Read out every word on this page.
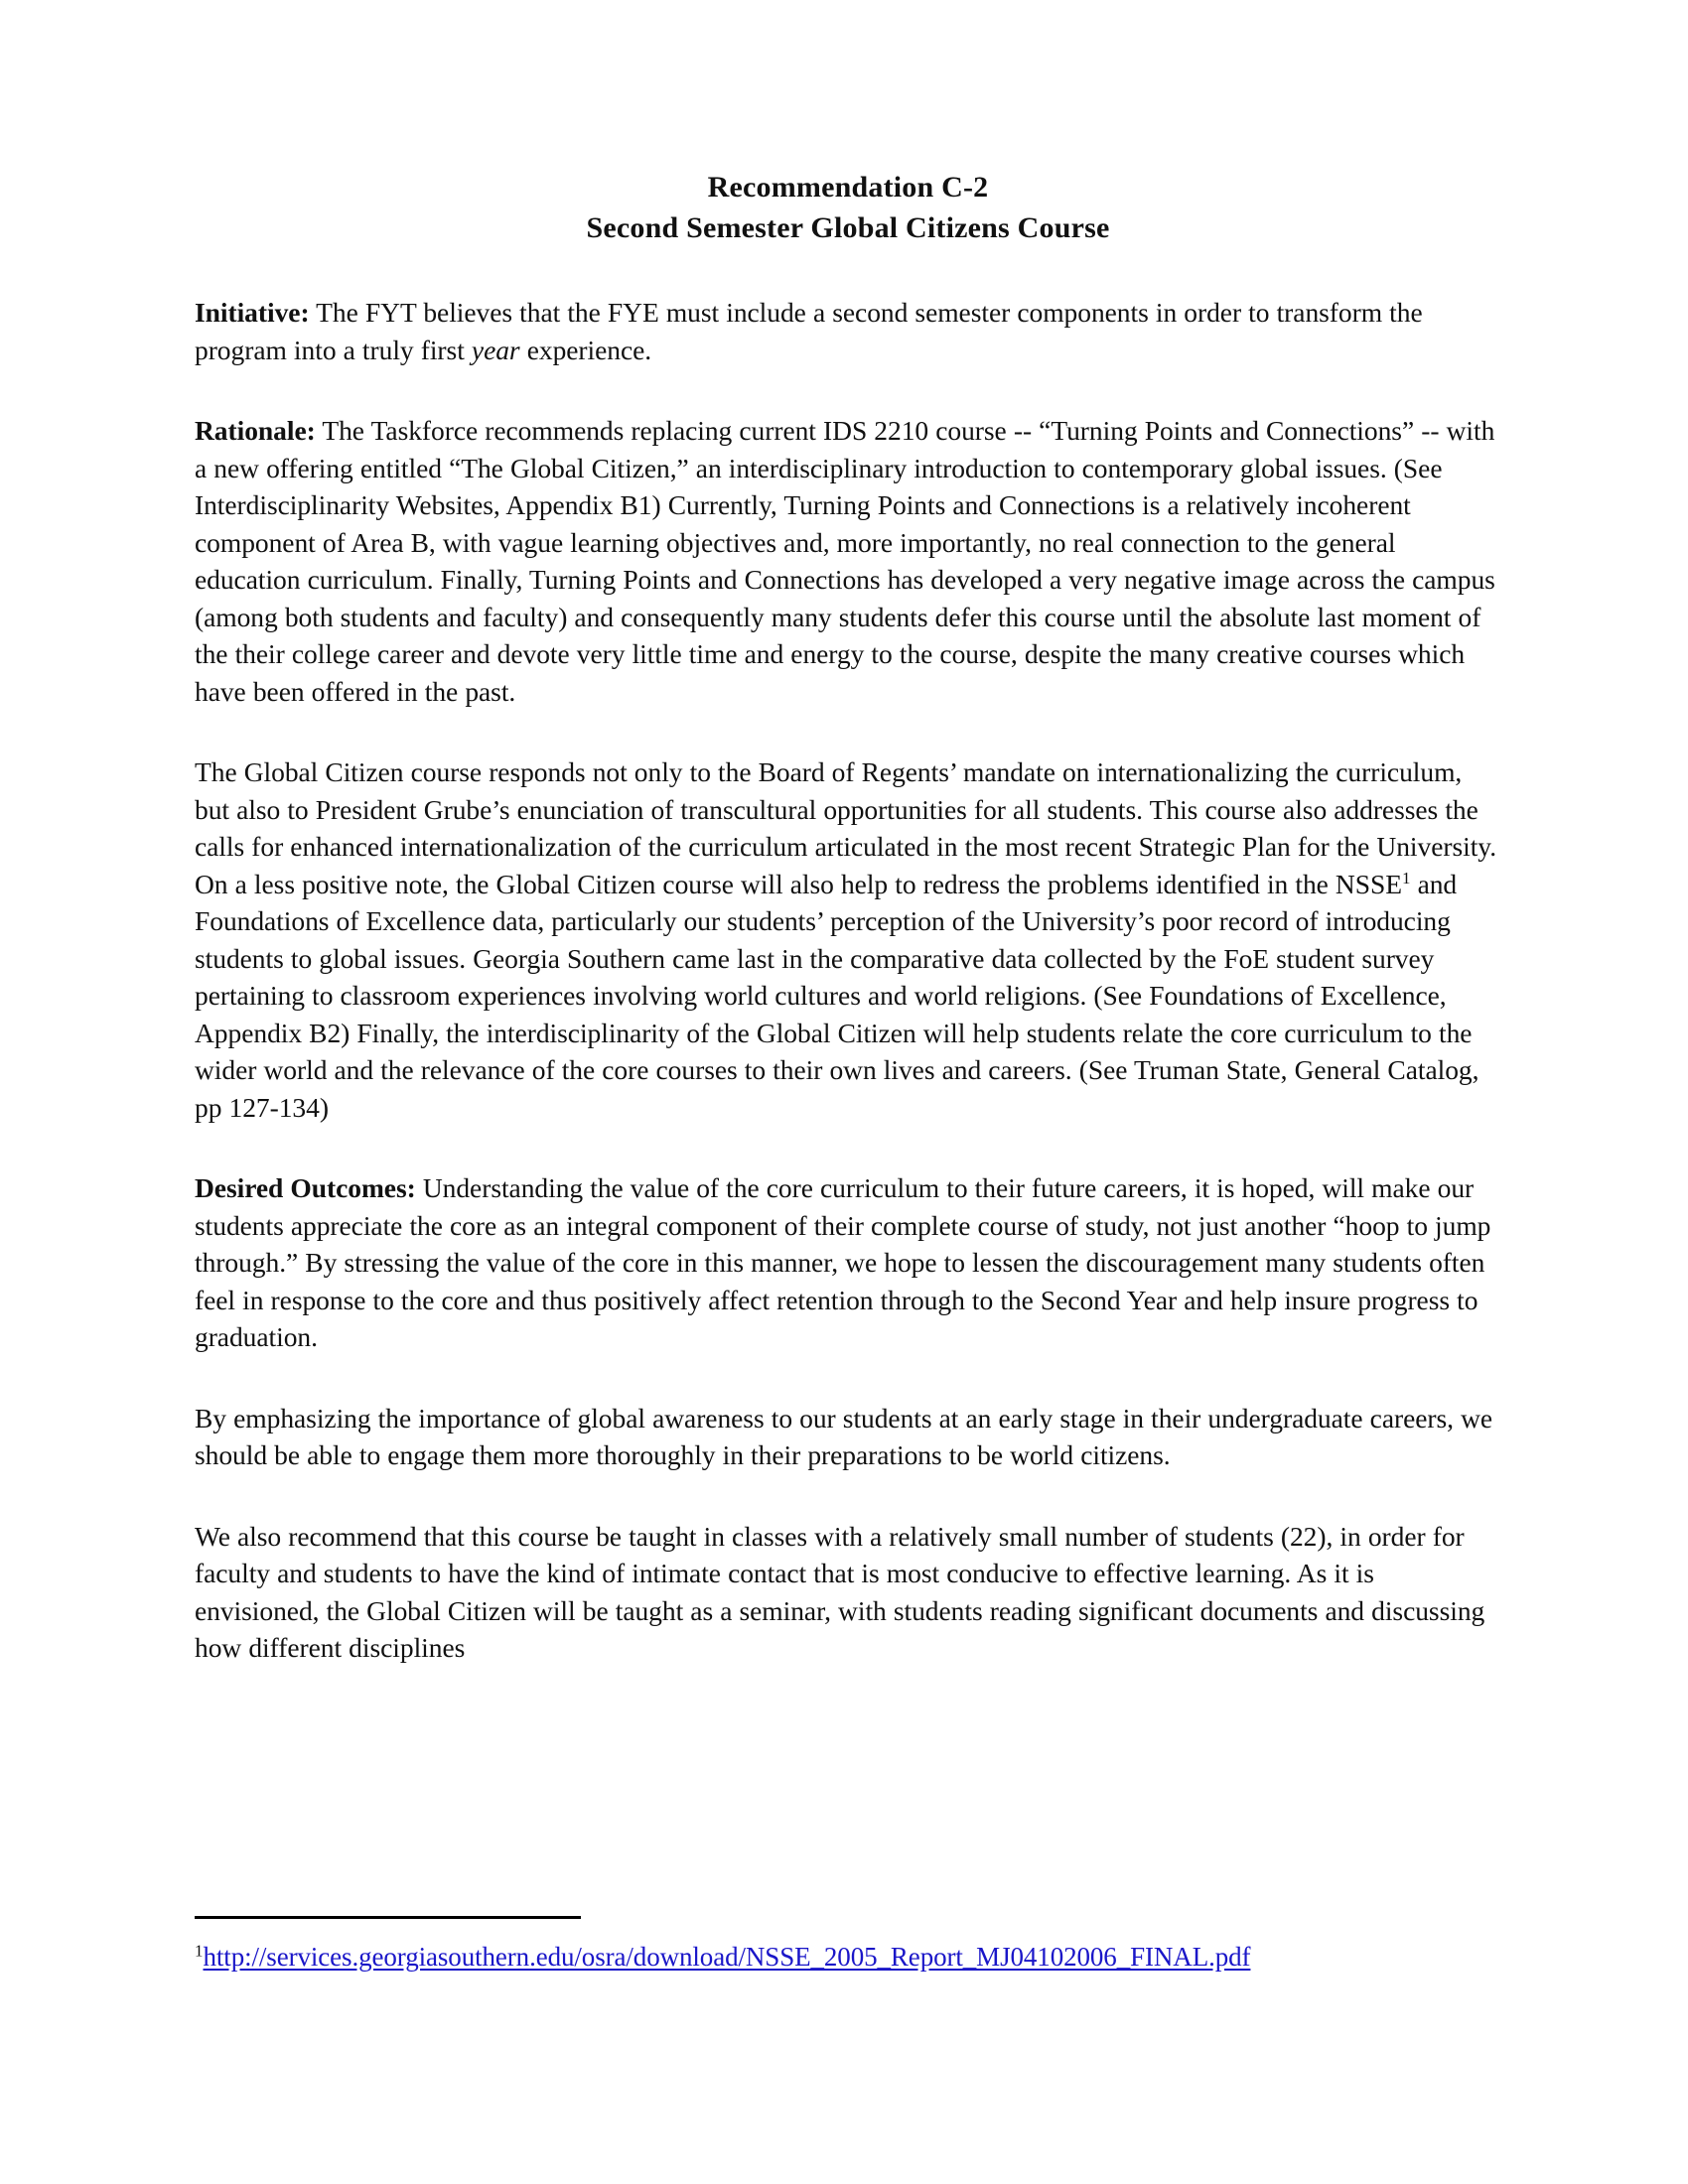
Recommendation C-2
Second Semester Global Citizens Course

Initiative: The FYT believes that the FYE must include a second semester components in order to transform the program into a truly first year experience.

Rationale: The Taskforce recommends replacing current IDS 2210 course -- “Turning Points and Connections” -- with a new offering entitled “The Global Citizen,” an interdisciplinary introduction to contemporary global issues. (See Interdisciplinarity Websites, Appendix B1) Currently, Turning Points and Connections is a relatively incoherent component of Area B, with vague learning objectives and, more importantly, no real connection to the general education curriculum. Finally, Turning Points and Connections has developed a very negative image across the campus (among both students and faculty) and consequently many students defer this course until the absolute last moment of the their college career and devote very little time and energy to the course, despite the many creative courses which have been offered in the past.

The Global Citizen course responds not only to the Board of Regents’ mandate on internationalizing the curriculum, but also to President Grube’s enunciation of transcultural opportunities for all students. This course also addresses the calls for enhanced internationalization of the curriculum articulated in the most recent Strategic Plan for the University. On a less positive note, the Global Citizen course will also help to redress the problems identified in the NSSE$^1$ and Foundations of Excellence data, particularly our students’ perception of the University’s poor record of introducing students to global issues. Georgia Southern came last in the comparative data collected by the FoE student survey pertaining to classroom experiences involving world cultures and world religions. (See Foundations of Excellence, Appendix B2) Finally, the interdisciplinarity of the Global Citizen will help students relate the core curriculum to the wider world and the relevance of the core courses to their own lives and careers. (See Truman State, General Catalog, pp 127-134)

Desired Outcomes: Understanding the value of the core curriculum to their future careers, it is hoped, will make our students appreciate the core as an integral component of their complete course of study, not just another “hoop to jump through.” By stressing the value of the core in this manner, we hope to lessen the discouragement many students often feel in response to the core and thus positively affect retention through to the Second Year and help insure progress to graduation.

By emphasizing the importance of global awareness to our students at an early stage in their undergraduate careers, we should be able to engage them more thoroughly in their preparations to be world citizens.

We also recommend that this course be taught in classes with a relatively small number of students (22), in order for faculty and students to have the kind of intimate contact that is most conducive to effective learning. As it is envisioned, the Global Citizen will be taught as a seminar, with students reading significant documents and discussing how different disciplines

$^1$http://services.georgiasouthern.edu/osra/download/NSSE_2005_Report_MJ04102006_FINAL.pdf
